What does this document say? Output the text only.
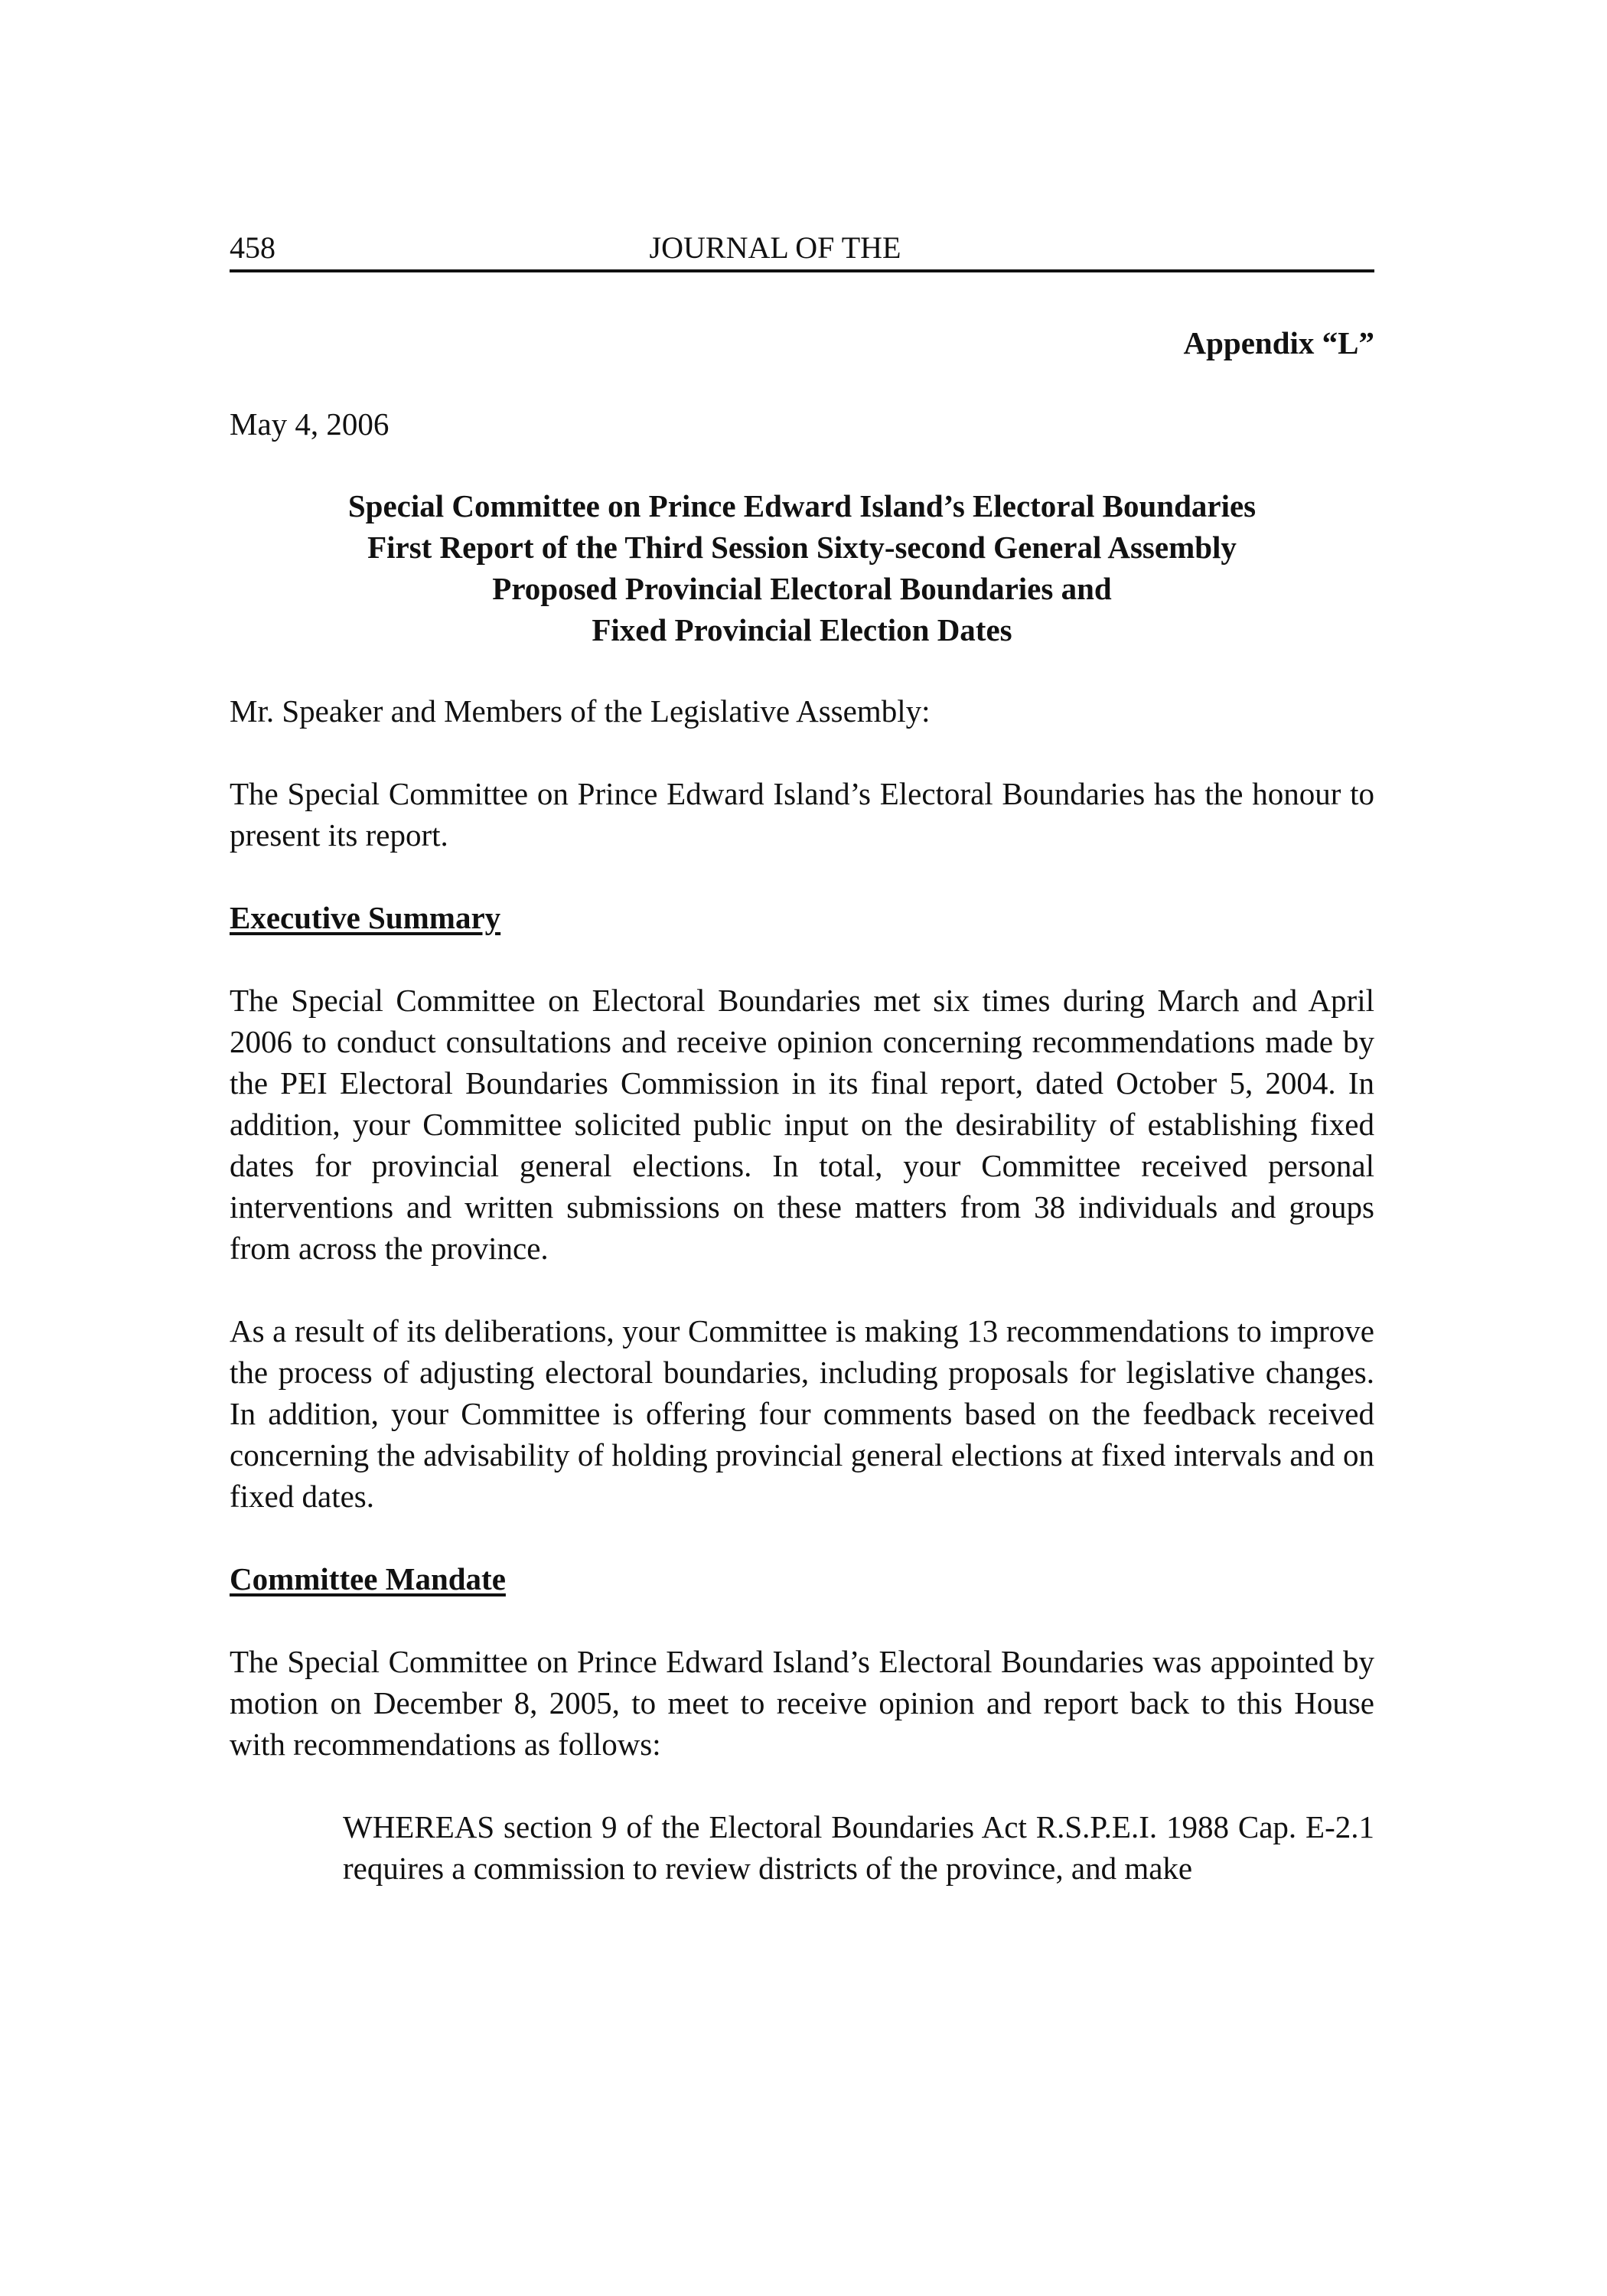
458	JOURNAL OF THE
Appendix “L”
May 4, 2006
Special Committee on Prince Edward Island’s Electoral Boundaries
First Report of the Third Session Sixty-second General Assembly
Proposed Provincial Electoral Boundaries and
Fixed Provincial Election Dates

Mr. Speaker and Members of the Legislative Assembly:

The Special Committee on Prince Edward Island’s Electoral Boundaries has the honour to present its report.

Executive Summary

The Special Committee on Electoral Boundaries met six times during March and April 2006 to conduct consultations and receive opinion concerning recommendations made by the PEI Electoral Boundaries Commission in its final report, dated October 5, 2004. In addition, your Committee solicited public input on the desirability of establishing fixed dates for provincial general elections. In total, your Committee received personal interventions and written submissions on these matters from 38 individuals and groups from across the province.

As a result of its deliberations, your Committee is making 13 recommendations to improve the process of adjusting electoral boundaries, including proposals for legislative changes. In addition, your Committee is offering four comments based on the feedback received concerning the advisability of holding provincial general elections at fixed intervals and on fixed dates.

Committee Mandate

The Special Committee on Prince Edward Island’s Electoral Boundaries was appointed by motion on December 8, 2005, to meet to receive opinion and report back to this House with recommendations as follows:

WHEREAS section 9 of the Electoral Boundaries Act R.S.P.E.I. 1988 Cap. E-2.1 requires a commission to review districts of the province, and make
